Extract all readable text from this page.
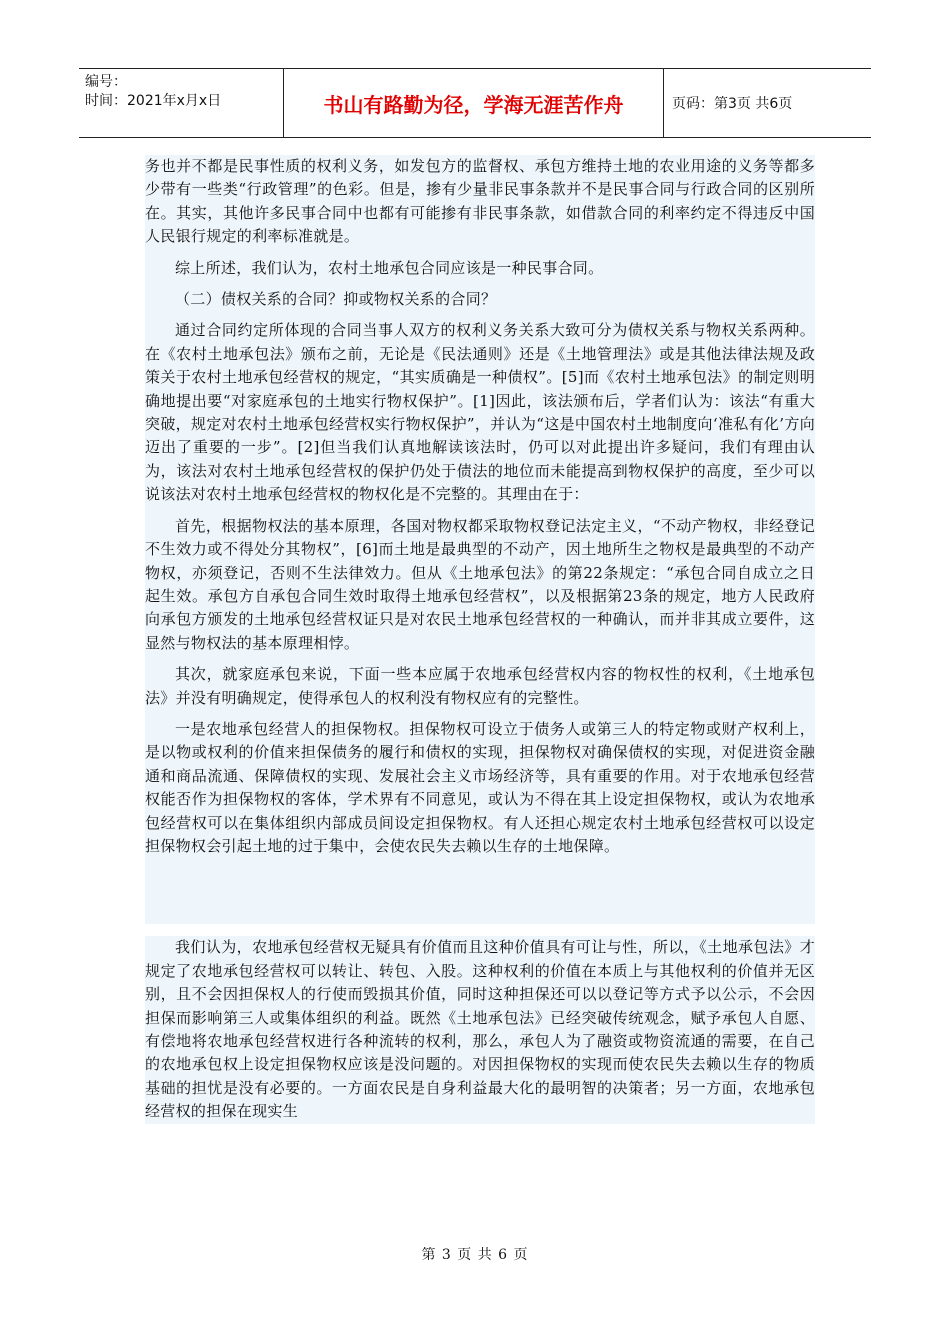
编号：
时间：2021年x月x日	书山有路勤为径，学海无涯苦作舟	页码：第3页 共6页

务也并不都是民事性质的权利义务，如发包方的监督权、承包方维持土地的农业用途的义务等都多少带有一些类“行政管理”的色彩。但是，掺有少量非民事条款并不是民事合同与行政合同的区别所在。其实，其他许多民事合同中也都有可能掺有非民事条款，如借款合同的利率约定不得违反中国人民银行规定的利率标准就是。

综上所述，我们认为，农村土地承包合同应该是一种民事合同。

（二）债权关系的合同？抑或物权关系的合同？

通过合同约定所体现的合同当事人双方的权利义务关系大致可分为债权关系与物权关系两种。在《农村土地承包法》颁布之前，无论是《民法通则》还是《土地管理法》或是其他法律法规及政策关于农村土地承包经营权的规定，“其实质确是一种债权”。[5]而《农村土地承包法》的制定则明确地提出要“对家庭承包的土地实行物权保护”。[1]因此，该法颁布后，学者们认为：该法“有重大突破，规定对农村土地承包经营权实行物权保护”，并认为“这是中国农村土地制度向‘准私有化’方向迈出了重要的一步”。[2]但当我们认真地解读该法时，仍可以对此提出许多疑问，我们有理由认为，该法对农村土地承包经营权的保护仍处于债法的地位而未能提高到物权保护的高度，至少可以说该法对农村土地承包经营权的物权化是不完整的。其理由在于：

首先，根据物权法的基本原理，各国对物权都采取物权登记法定主义，“不动产物权，非经登记不生效力或不得处分其物权”，[6]而土地是最典型的不动产，因土地所生之物权是最典型的不动产物权，亦须登记，否则不生法律效力。但从《土地承包法》的第22条规定：“承包合同自成立之日起生效。承包方自承包合同生效时取得土地承包经营权”，以及根据第23条的规定，地方人民政府向承包方颁发的土地承包经营权证只是对农民土地承包经营权的一种确认，而并非其成立要件，这显然与物权法的基本原理相悖。

其次，就家庭承包来说，下面一些本应属于农地承包经营权内容的物权性的权利，《土地承包法》并没有明确规定，使得承包人的权利没有物权应有的完整性。

一是农地承包经营人的担保物权。担保物权可设立于债务人或第三人的特定物或财产权利上，是以物或权利的价值来担保债务的履行和债权的实现，担保物权对确保债权的实现，对促进资金融通和商品流通、保障债权的实现、发展社会主义市场经济等，具有重要的作用。对于农地承包经营权能否作为担保物权的客体，学术界有不同意见，或认为不得在其上设定担保物权，或认为农地承包经营权可以在集体组织内部成员间设定担保物权。有人还担心规定农村土地承包经营权可以设定担保物权会引起土地的过于集中，会使农民失去赖以生存的土地保障。

我们认为，农地承包经营权无疑具有价值而且这种价值具有可让与性，所以，《土地承包法》才规定了农地承包经营权可以转让、转包、入股。这种权利的价值在本质上与其他权利的价值并无区别，且不会因担保权人的行使而毁损其价值，同时这种担保还可以以登记等方式予以公示，不会因担保而影响第三人或集体组织的利益。既然《土地承包法》已经突破传统观念，赋予承包人自愿、有偿地将农地承包经营权进行各种流转的权利，那么，承包人为了融资或物资流通的需要，在自己的农地承包权上设定担保物权应该是没问题的。对因担保物权的实现而使农民失去赖以生存的物质基础的担忧是没有必要的。一方面农民是自身利益最大化的最明智的决策者；另一方面，农地承包经营权的担保在现实生

第 3 页 共 6 页
